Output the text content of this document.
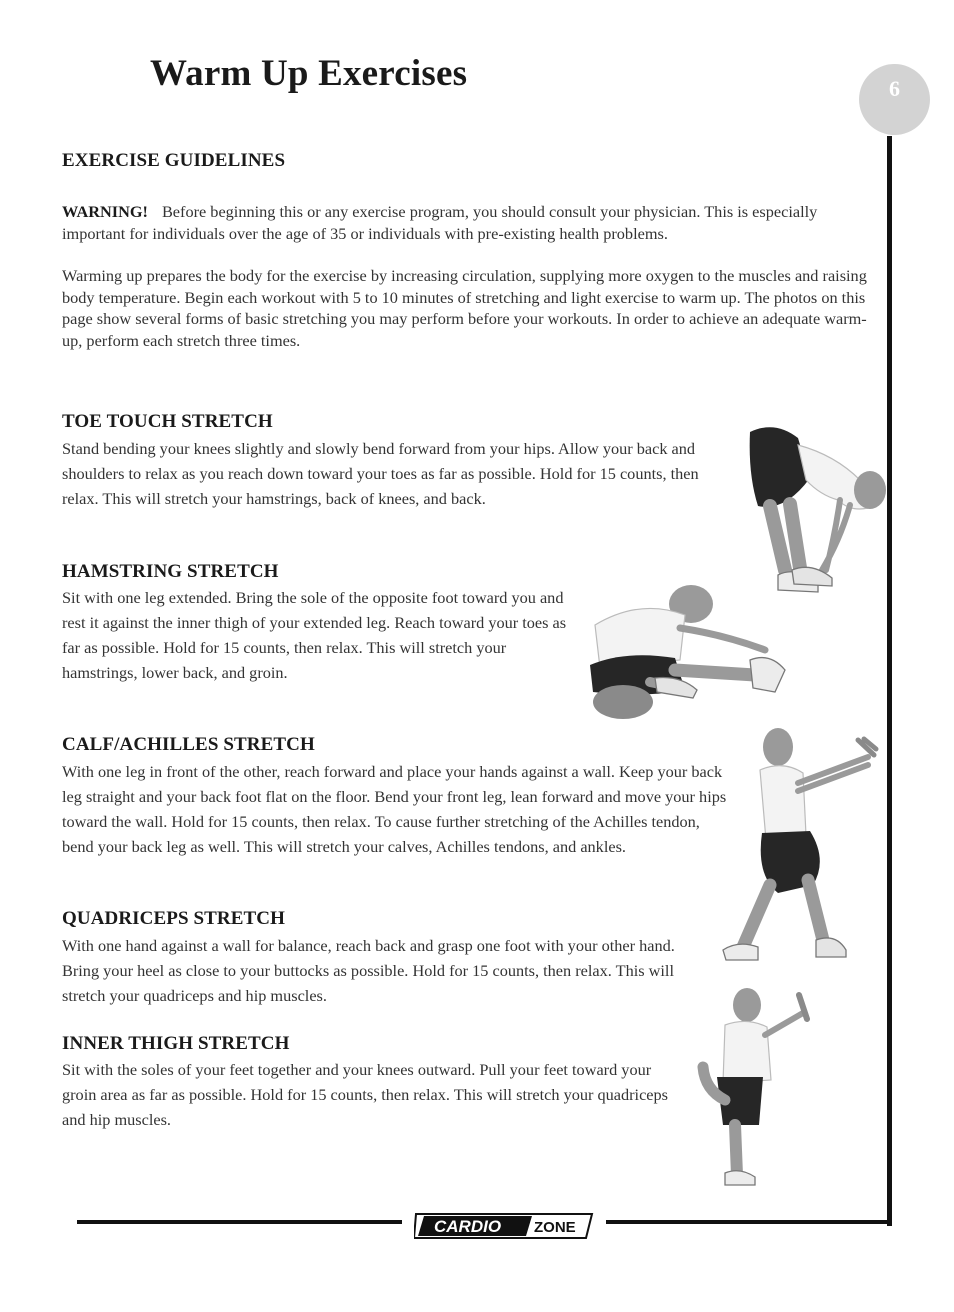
Warm Up Exercises	6
EXERCISE GUIDELINES

WARNING! Before beginning this or any exercise program, you should consult your physician. This is especially important for individuals over the age of 35 or individuals with pre-existing health problems.

Warming up prepares the body for the exercise by increasing circulation, supplying more oxygen to the muscles and raising body temperature. Begin each workout with 5 to 10 minutes of stretching and light exercise to warm up. The photos on this page show several forms of basic stretching you may perform before your workouts. In order to achieve an adequate warm-up, perform each stretch three times.

TOE TOUCH STRETCH

Stand bending your knees slightly and slowly bend forward from your hips. Allow your back and shoulders to relax as you reach down toward your toes as far as possible. Hold for 15 counts, then relax. This will stretch your hamstrings, back of knees, and back.

HAMSTRING STRETCH

Sit with one leg extended. Bring the sole of the opposite foot toward you and rest it against the inner thigh of your extended leg. Reach toward your toes as far as possible. Hold for 15 counts, then relax. This will stretch your hamstrings, lower back, and groin.

CALF/ACHILLES STRETCH

With one leg in front of the other, reach forward and place your hands against a wall. Keep your back leg straight and your back foot flat on the floor. Bend your front leg, lean forward and move your hips toward the wall. Hold for 15 counts, then relax. To cause further stretching of the Achilles tendon, bend your back leg as well. This will stretch your calves, Achilles tendons, and ankles.

QUADRICEPS STRETCH

With one hand against a wall for balance, reach back and grasp one foot with your other hand. Bring your heel as close to your buttocks as possible. Hold for 15 counts, then relax. This will stretch your quadriceps and hip muscles.

INNER THIGH STRETCH

Sit with the soles of your feet together and your knees outward. Pull your feet toward your groin area as far as possible. Hold for 15 counts, then relax. This will stretch your quadriceps and hip muscles.

CARDIO ZONE
